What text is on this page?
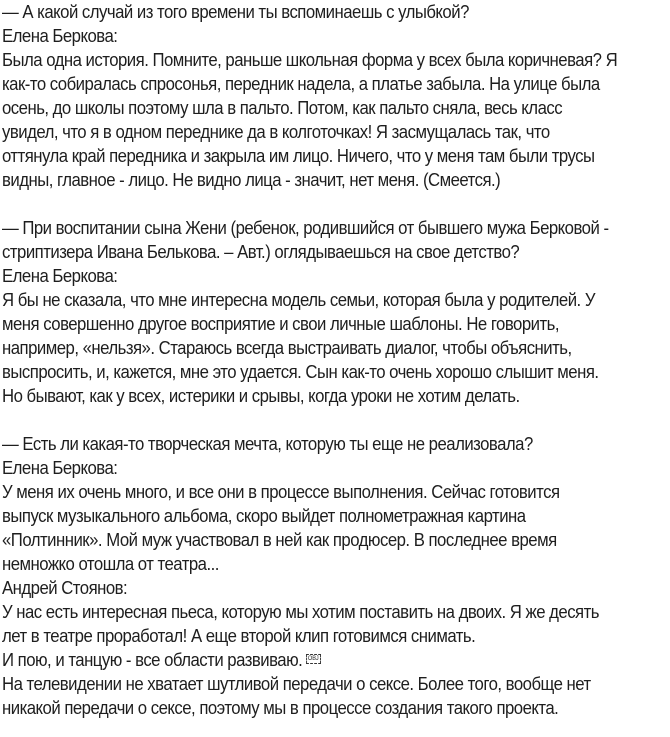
— А какой случай из того времени ты вспоминаешь с улыбкой?
Елена Беркова:
Была одна история. Помните, раньше школьная форма у всех была коричневая? Я
как-то собиралась спросонья, передник надела, а платье забыла. На улице была
осень, до школы поэтому шла в пальто. Потом, как пальто сняла, весь класс
увидел, что я в одном переднике да в колготочках! Я засмущалась так, что
оттянула край передника и закрыла им лицо. Ничего, что у меня там были трусы
видны, главное - лицо. Не видно лица - значит, нет меня. (Смеется.)
— При воспитании сына Жени (ребенок, родившийся от бывшего мужа Берковой -
стриптизера Ивана Белькова. – Авт.) оглядываешься на свое детство?
Елена Беркова:
Я бы не сказала, что мне интересна модель семьи, которая была у родителей. У
меня совершенно другое восприятие и свои личные шаблоны. Не говорить,
например, «нельзя». Стараюсь всегда выстраивать диалог, чтобы объяснить,
выспросить, и, кажется, мне это удается. Сын как-то очень хорошо слышит меня.
Но бывают, как у всех, истерики и срывы, когда уроки не хотим делать.
— Есть ли какая-то творческая мечта, которую ты еще не реализовала?
Елена Беркова:
У меня их очень много, и все они в процессе выполнения. Сейчас готовится
выпуск музыкального альбома, скоро выйдет полнометражная картина
«Полтинник». Мой муж участвовал в ней как продюсер. В последнее время
немножко отошла от театра...
Андрей Стоянов:
У нас есть интересная пьеса, которую мы хотим поставить на двоих. Я же десять
лет в театре проработал! А еще второй клип готовимся снимать.
И пою, и танцую - все области развиваю. OBJ
На телевидении не хватает шутливой передачи о сексе. Более того, вообще нет
никакой передачи о сексе, поэтому мы в процессе создания такого проекта.
